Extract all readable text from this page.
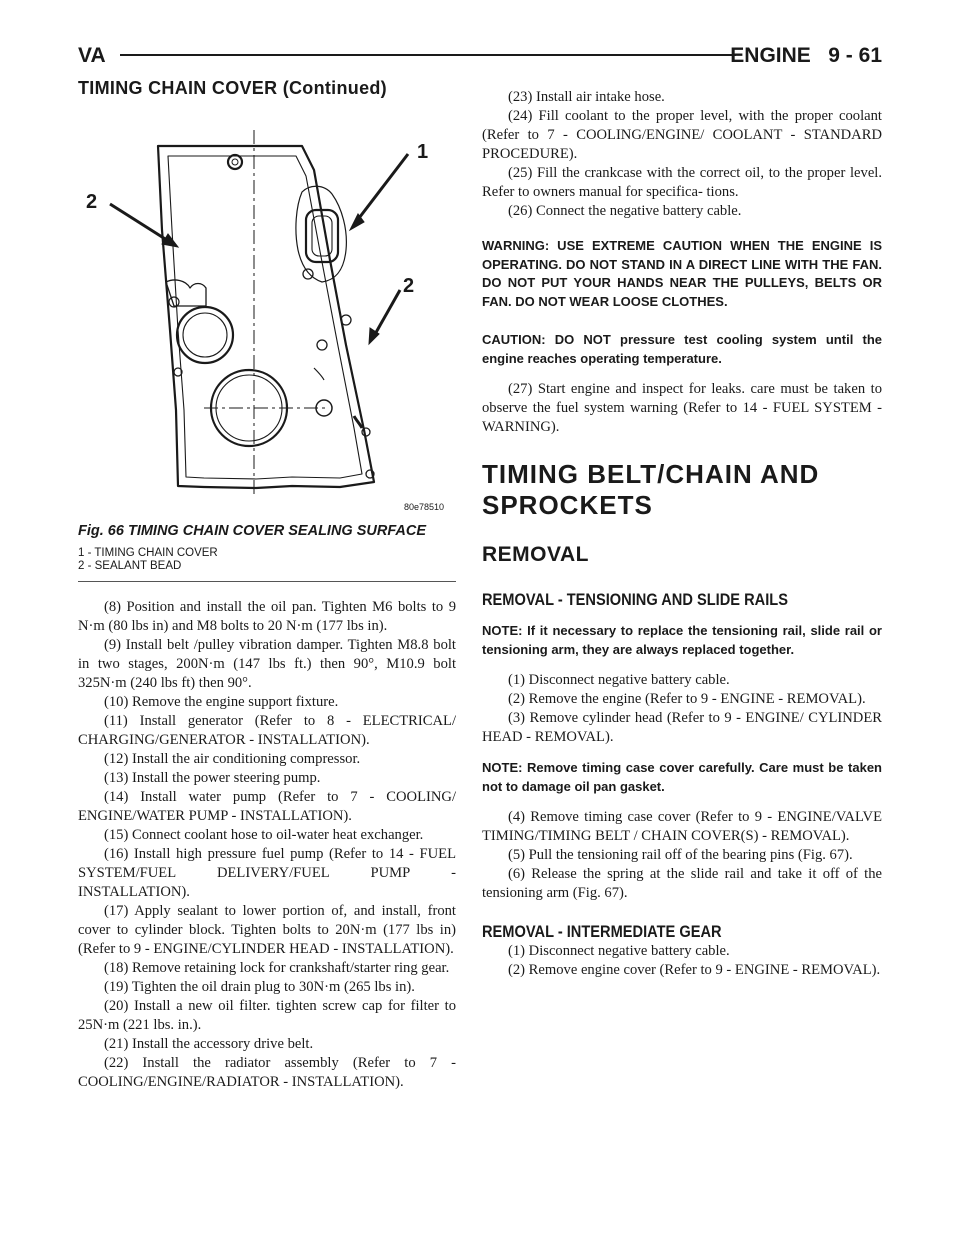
VA	ENGINE   9 - 61
TIMING CHAIN COVER (Continued)
1
2
2
80e78510
Fig. 66 TIMING CHAIN COVER SEALING SURFACE
1 - TIMING CHAIN COVER
2 - SEALANT BEAD

(8) Position and install the oil pan. Tighten M6 bolts to 9 N·m (80 lbs in) and M8 bolts to 20 N·m (177 lbs in).

(9) Install belt /pulley vibration damper. Tighten M8.8 bolt in two stages, 200N·m (147 lbs ft.) then 90°, M10.9 bolt 325N·m (240 lbs ft) then 90°.

(10) Remove the engine support fixture.

(11) Install generator (Refer to 8 - ELECTRICAL/ CHARGING/GENERATOR - INSTALLATION).

(12) Install the air conditioning compressor.

(13) Install the power steering pump.

(14) Install water pump (Refer to 7 - COOLING/ ENGINE/WATER PUMP - INSTALLATION).

(15) Connect coolant hose to oil-water heat exchanger.

(16) Install high pressure fuel pump (Refer to 14 - FUEL SYSTEM/FUEL DELIVERY/FUEL PUMP - INSTALLATION).

(17) Apply sealant to lower portion of, and install, front cover to cylinder block. Tighten bolts to 20N·m (177 lbs in) (Refer to 9 - ENGINE/CYLINDER HEAD - INSTALLATION).

(18) Remove retaining lock for crankshaft/starter ring gear.

(19) Tighten the oil drain plug to 30N·m (265 lbs in).

(20) Install a new oil filter. tighten screw cap for filter to 25N·m (221 lbs. in.).

(21) Install the accessory drive belt.

(22) Install the radiator assembly (Refer to 7 - COOLING/ENGINE/RADIATOR - INSTALLATION).

(23) Install air intake hose.

(24) Fill coolant to the proper level, with the proper coolant (Refer to 7 - COOLING/ENGINE/ COOLANT - STANDARD PROCEDURE).

(25) Fill the crankcase with the correct oil, to the proper level. Refer to owners manual for specifica- tions.

(26) Connect the negative battery cable.

WARNING: USE EXTREME CAUTION WHEN THE ENGINE IS OPERATING. DO NOT STAND IN A DIRECT LINE WITH THE FAN. DO NOT PUT YOUR HANDS NEAR THE PULLEYS, BELTS OR FAN. DO NOT WEAR LOOSE CLOTHES.

CAUTION: DO NOT pressure test cooling system until the engine reaches operating temperature.

(27) Start engine and inspect for leaks. care must be taken to observe the fuel system warning (Refer to 14 - FUEL SYSTEM - WARNING).

TIMING BELT/CHAIN AND SPROCKETS
REMOVAL
REMOVAL - TENSIONING AND SLIDE RAILS

NOTE: If it necessary to replace the tensioning rail, slide rail or tensioning arm, they are always replaced together.

(1) Disconnect negative battery cable.

(2) Remove the engine (Refer to 9 - ENGINE - REMOVAL).

(3) Remove cylinder head (Refer to 9 - ENGINE/ CYLINDER HEAD - REMOVAL).

NOTE: Remove timing case cover carefully. Care must be taken not to damage oil pan gasket.

(4) Remove timing case cover (Refer to 9 - ENGINE/VALVE TIMING/TIMING BELT / CHAIN COVER(S) - REMOVAL).

(5) Pull the tensioning rail off of the bearing pins (Fig. 67).

(6) Release the spring at the slide rail and take it off of the tensioning arm (Fig. 67).

REMOVAL - INTERMEDIATE GEAR

(1) Disconnect negative battery cable.

(2) Remove engine cover (Refer to 9 - ENGINE - REMOVAL).
